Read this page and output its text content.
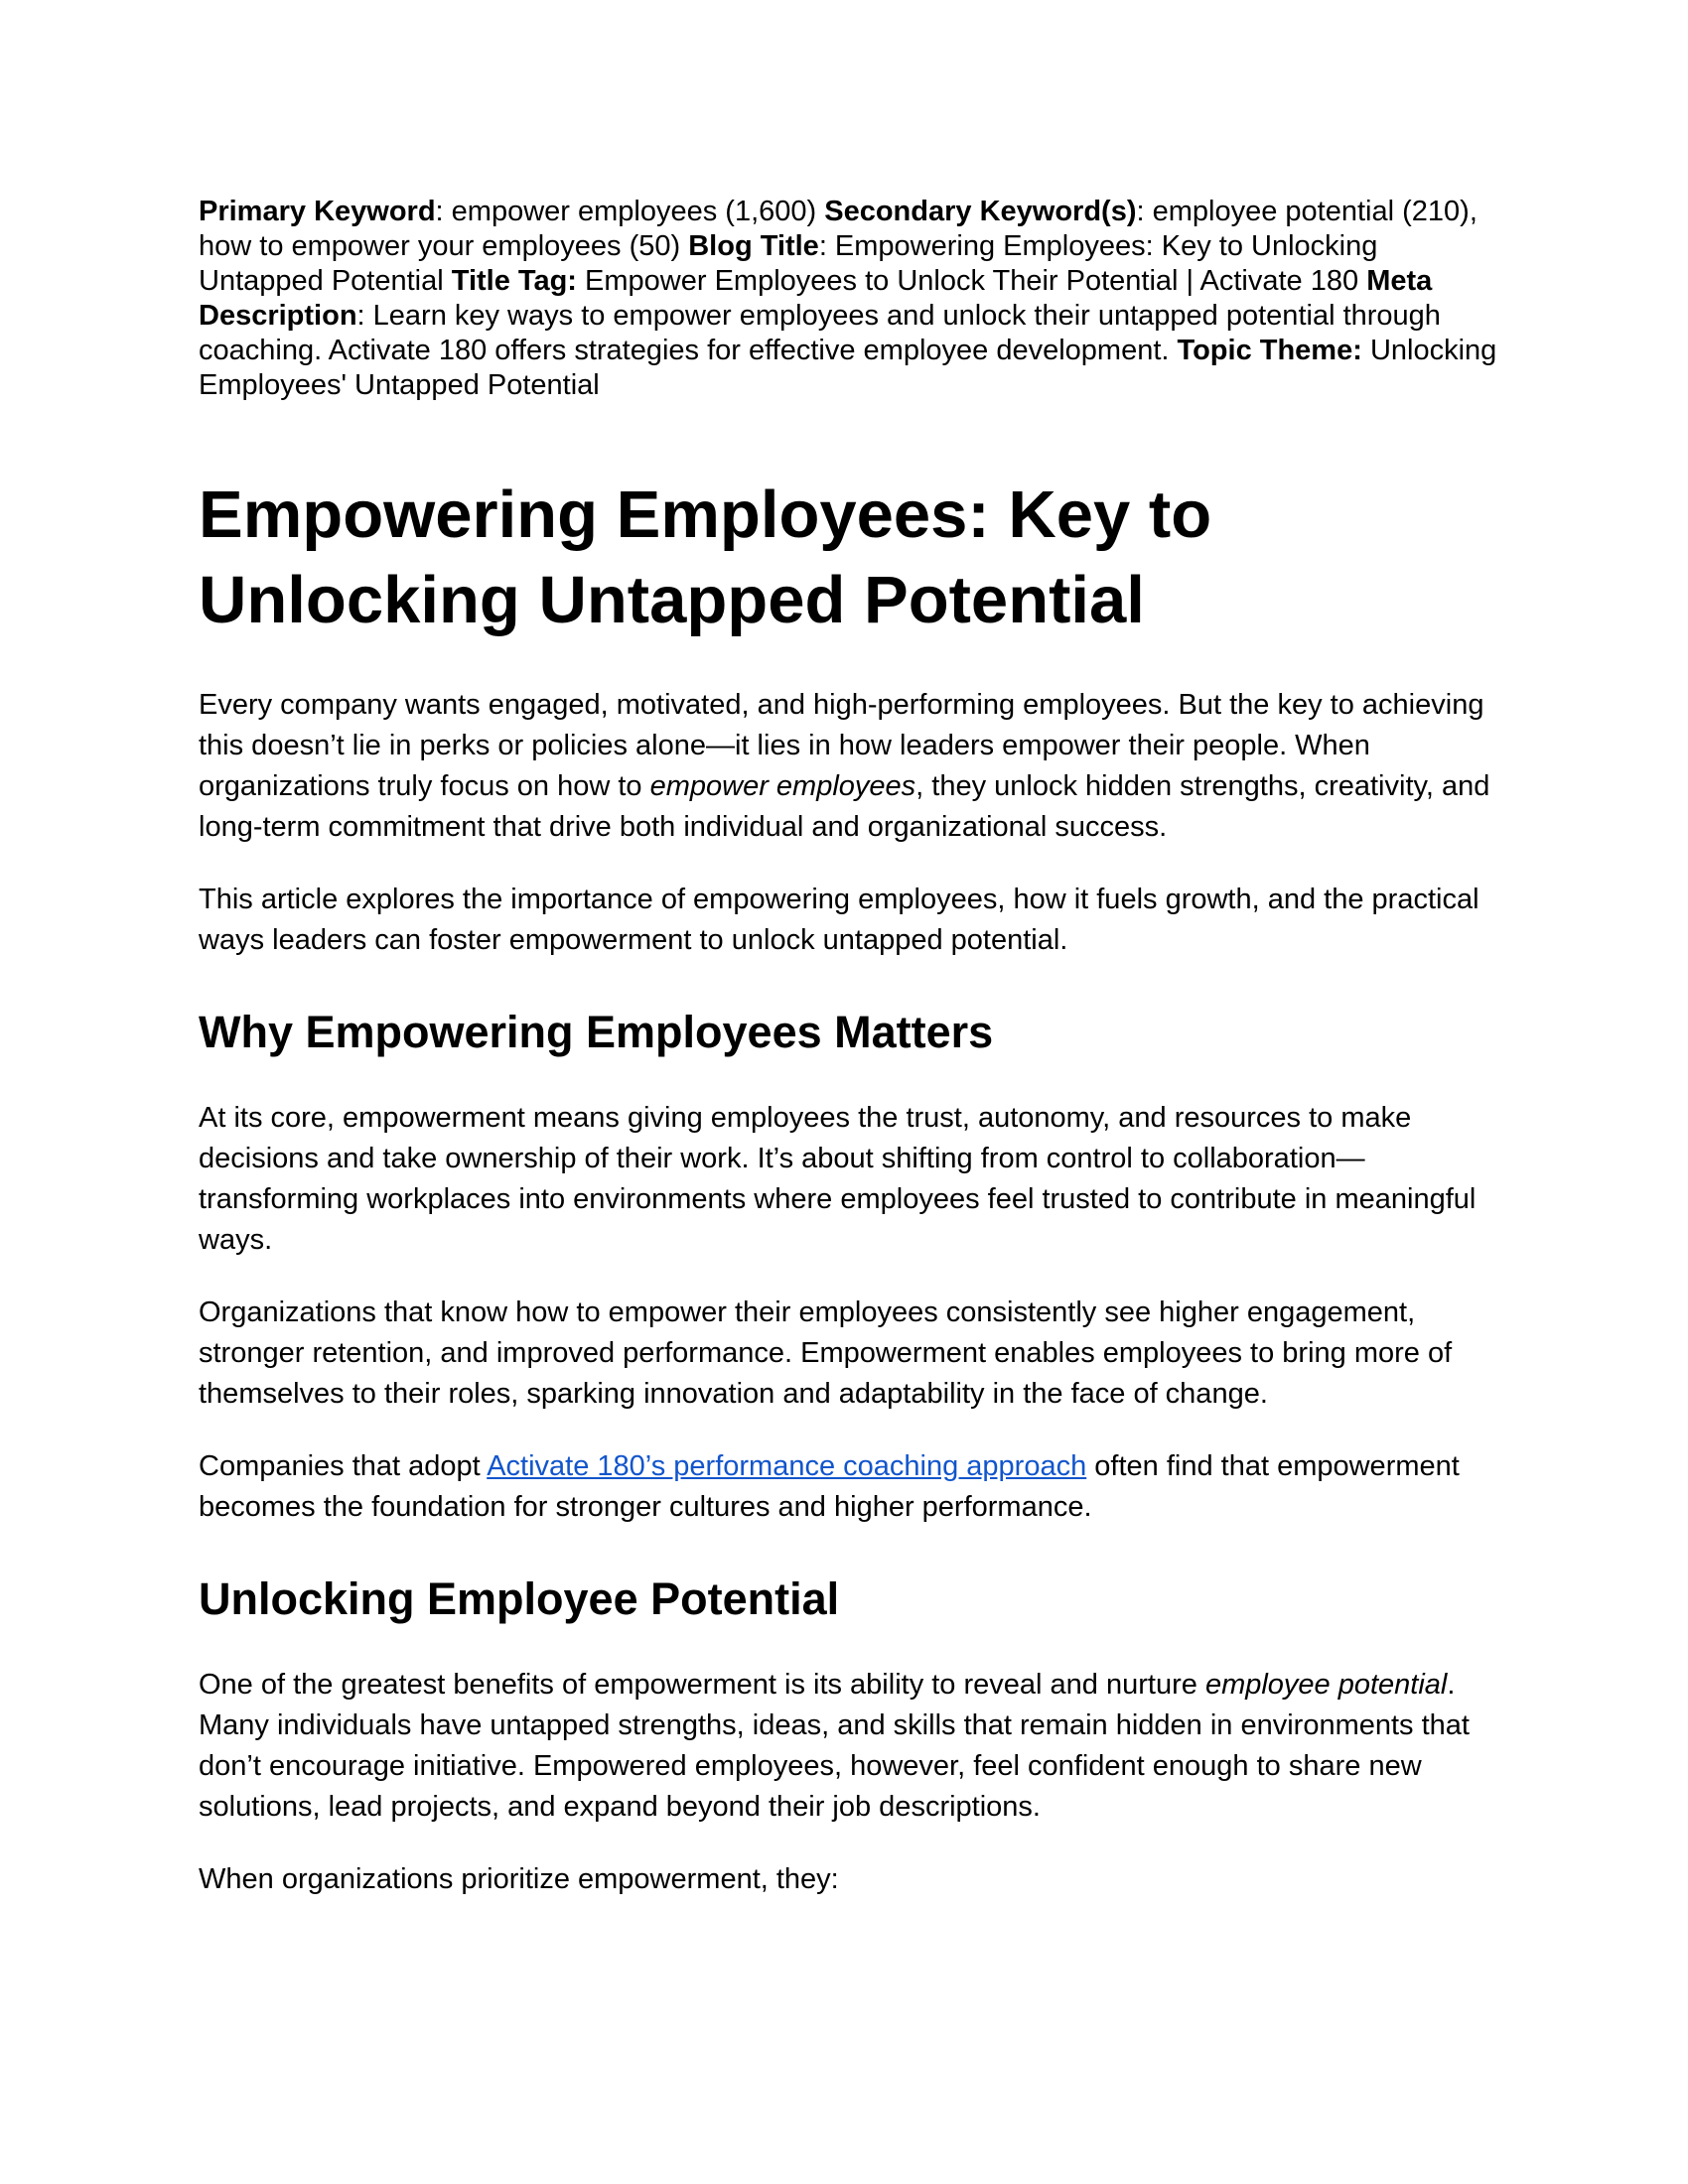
Primary Keyword: empower employees (1,600) Secondary Keyword(s): employee potential (210), how to empower your employees (50) Blog Title: Empowering Employees: Key to Unlocking Untapped Potential Title Tag: Empower Employees to Unlock Their Potential | Activate 180 Meta Description: Learn key ways to empower employees and unlock their untapped potential through coaching. Activate 180 offers strategies for effective employee development. Topic Theme: Unlocking Employees' Untapped Potential

Empowering Employees: Key to Unlocking Untapped Potential

Every company wants engaged, motivated, and high-performing employees. But the key to achieving this doesn’t lie in perks or policies alone—it lies in how leaders empower their people. When organizations truly focus on how to empower employees, they unlock hidden strengths, creativity, and long-term commitment that drive both individual and organizational success.

This article explores the importance of empowering employees, how it fuels growth, and the practical ways leaders can foster empowerment to unlock untapped potential.

Why Empowering Employees Matters

At its core, empowerment means giving employees the trust, autonomy, and resources to make decisions and take ownership of their work. It’s about shifting from control to collaboration—transforming workplaces into environments where employees feel trusted to contribute in meaningful ways.

Organizations that know how to empower their employees consistently see higher engagement, stronger retention, and improved performance. Empowerment enables employees to bring more of themselves to their roles, sparking innovation and adaptability in the face of change.

Companies that adopt Activate 180’s performance coaching approach often find that empowerment becomes the foundation for stronger cultures and higher performance.

Unlocking Employee Potential

One of the greatest benefits of empowerment is its ability to reveal and nurture employee potential. Many individuals have untapped strengths, ideas, and skills that remain hidden in environments that don’t encourage initiative. Empowered employees, however, feel confident enough to share new solutions, lead projects, and expand beyond their job descriptions.

When organizations prioritize empowerment, they:
